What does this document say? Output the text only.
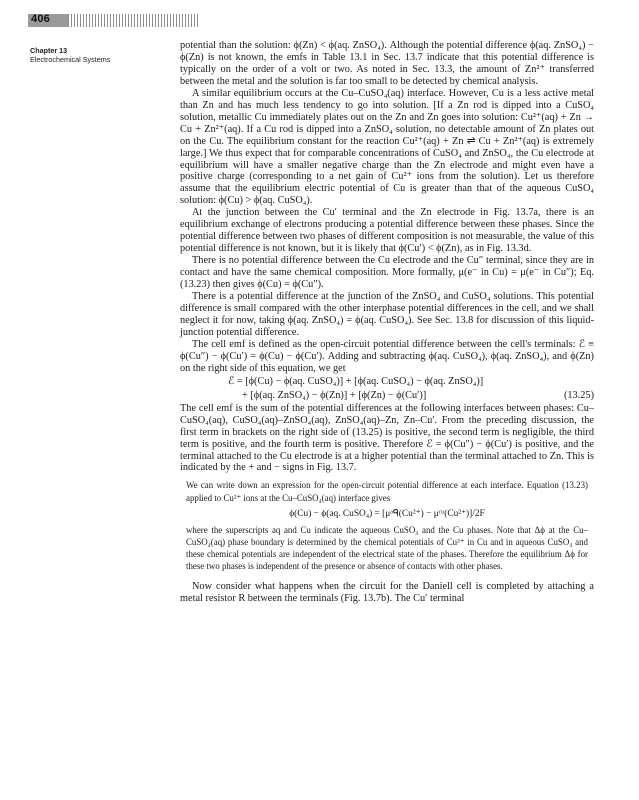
406
Chapter 13
Electrochemical Systems

potential than the solution: ϕ(Zn) < ϕ(aq. ZnSO₄). Although the potential difference ϕ(aq. ZnSO₄) − ϕ(Zn) is not known, the emfs in Table 13.1 in Sec. 13.7 indicate that this potential difference is typically on the order of a volt or two. As noted in Sec. 13.3, the amount of Zn²⁺ transferred between the metal and the solution is far too small to be detected by chemical analysis.

A similar equilibrium occurs at the Cu–CuSO₄(aq) interface. However, Cu is a less active metal than Zn and has much less tendency to go into solution. [If a Zn rod is dipped into a CuSO₄ solution, metallic Cu immediately plates out on the Zn and Zn goes into solution: Cu²⁺(aq) + Zn → Cu + Zn²⁺(aq). If a Cu rod is dipped into a ZnSO₄ solution, no detectable amount of Zn plates out on the Cu. The equilibrium constant for the reaction Cu²⁺(aq) + Zn ⇌ Cu + Zn²⁺(aq) is extremely large.] We thus expect that for comparable concentrations of CuSO₄ and ZnSO₄, the Cu electrode at equilibrium will have a smaller negative charge than the Zn electrode and might even have a positive charge (corresponding to a net gain of Cu²⁺ ions from the solution). Let us therefore assume that the equilibrium electric potential of Cu is greater than that of the aqueous CuSO₄ solution: ϕ(Cu) > ϕ(aq. CuSO₄).

At the junction between the Cu′ terminal and the Zn electrode in Fig. 13.7a, there is an equilibrium exchange of electrons producing a potential difference between these phases. Since the potential difference between two phases of different composition is not measurable, the value of this potential difference is not known, but it is likely that ϕ(Cu′) < ϕ(Zn), as in Fig. 13.3d.

There is no potential difference between the Cu electrode and the Cu″ terminal, since they are in contact and have the same chemical composition. More formally, μ(e⁻ in Cu) = μ(e⁻ in Cu″); Eq. (13.23) then gives ϕ(Cu) = ϕ(Cu″).

There is a potential difference at the junction of the ZnSO₄ and CuSO₄ solutions. This potential difference is small compared with the other interphase potential differences in the cell, and we shall neglect it for now, taking ϕ(aq. ZnSO₄) = ϕ(aq. CuSO₄). See Sec. 13.8 for discussion of this liquid-junction potential difference.

The cell emf is defined as the open-circuit potential difference between the cell's terminals: ℰ ≡ ϕ(Cu″) − ϕ(Cu′) = ϕ(Cu) − ϕ(Cu′). Adding and subtracting ϕ(aq. CuSO₄), ϕ(aq. ZnSO₄), and ϕ(Zn) on the right side of this equation, we get

ℰ = [ϕ(Cu) − ϕ(aq. CuSO₄)] + [ϕ(aq. CuSO₄) − ϕ(aq. ZnSO₄)]
+ [ϕ(aq. ZnSO₄) − ϕ(Zn)] + [ϕ(Zn) − ϕ(Cu′)]	(13.25)

The cell emf is the sum of the potential differences at the following interfaces between phases: Cu–CuSO₄(aq), CuSO₄(aq)–ZnSO₄(aq), ZnSO₄(aq)–Zn, Zn–Cu′. From the preceding discussion, the first term in brackets on the right side of (13.25) is positive, the second term is negligible, the third term is positive, and the fourth term is positive. Therefore ℰ = ϕ(Cu″) − ϕ(Cu′) is positive, and the terminal attached to the Cu electrode is at a higher potential than the terminal attached to Zn. This is indicated by the + and − signs in Fig. 13.7.

We can write down an expression for the open-circuit potential difference at each interface. Equation (13.23) applied to Cu²⁺ ions at the Cu–CuSO₄(aq) interface gives

ϕ(Cu) − ϕ(aq. CuSO₄) = [μᵃᑫ(Cu²⁺) − μᶜᵘ(Cu²⁺)]/2F

where the superscripts aq and Cu indicate the aqueous CuSO₄ and the Cu phases. Note that Δϕ at the Cu–CuSO₄(aq) phase boundary is determined by the chemical potentials of Cu²⁺ in Cu and in aqueous CuSO₄ and these chemical potentials are independent of the electrical state of the phases. Therefore the equilibrium Δϕ for these two phases is independent of the presence or absence of contacts with other phases.

Now consider what happens when the circuit for the Daniell cell is completed by attaching a metal resistor R between the terminals (Fig. 13.7b). The Cu′ terminal
